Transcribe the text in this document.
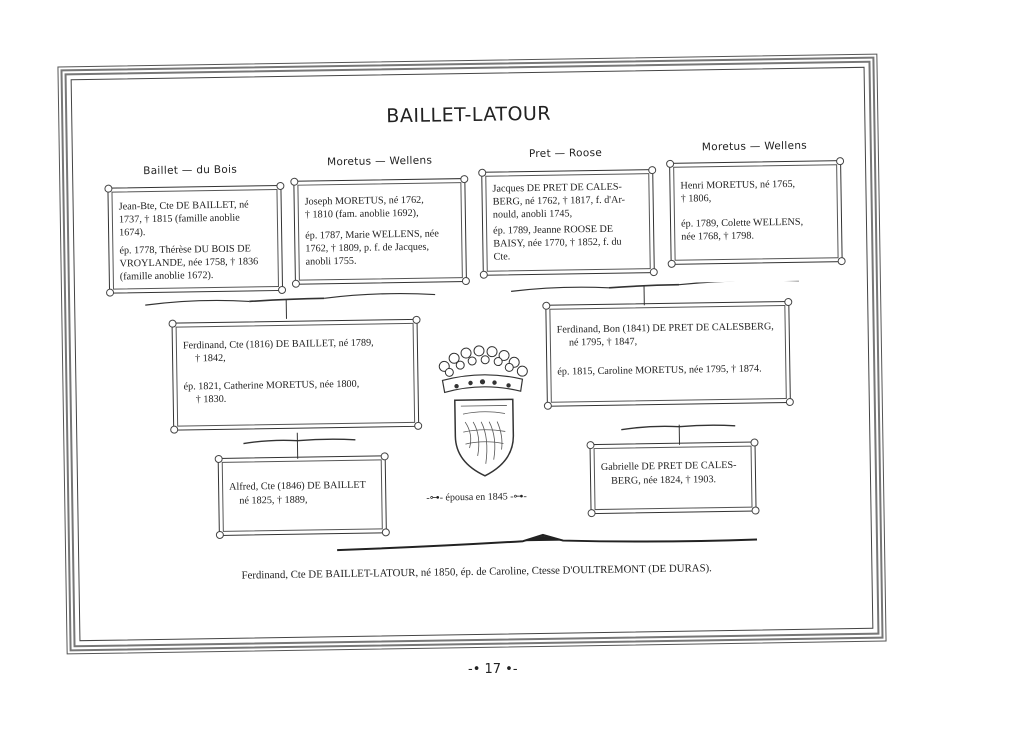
BAILLET-LATOUR
Baillet — du Bois
Moretus — Wellens
Pret — Roose
Moretus — Wellens

Jean-Bte, Cte DE BAILLET, né

1737, † 1815 (famille anoblie

1674).

ép. 1778, Thérèse DU BOIS DE

VROYLANDE, née 1758, † 1836

(famille anoblie 1672).

Joseph MORETUS, né 1762,

† 1810 (fam. anoblie 1692),

ép. 1787, Marie WELLENS, née

1762, † 1809, p. f. de Jacques,

anobli 1755.

Jacques DE PRET DE CALES-

BERG, né 1762, † 1817, f. d'Ar-

nould, anobli 1745,

ép. 1789, Jeanne ROOSE DE

BAISY, née 1770, † 1852, f. du

Cte.

Henri MORETUS, né 1765,

† 1806,

ép. 1789, Colette WELLENS,

née 1768, † 1798.

Ferdinand, Cte (1816) DE BAILLET, né 1789,

† 1842,

ép. 1821, Catherine MORETUS, née 1800,

† 1830.

Ferdinand, Bon (1841) DE PRET DE CALESBERG,

né 1795, † 1847,

ép. 1815, Caroline MORETUS, née 1795, † 1874.

Alfred, Cte (1846) DE BAILLET

né 1825, † 1889,	-⊶- épousa en 1845 -⊶-

Gabrielle DE PRET DE CALES-

BERG, née 1824, † 1903.

Ferdinand, Cte DE BAILLET-LATOUR, né 1850, ép. de Caroline, Ctesse D'OULTREMONT (DE DURAS).
-• 17 •-
